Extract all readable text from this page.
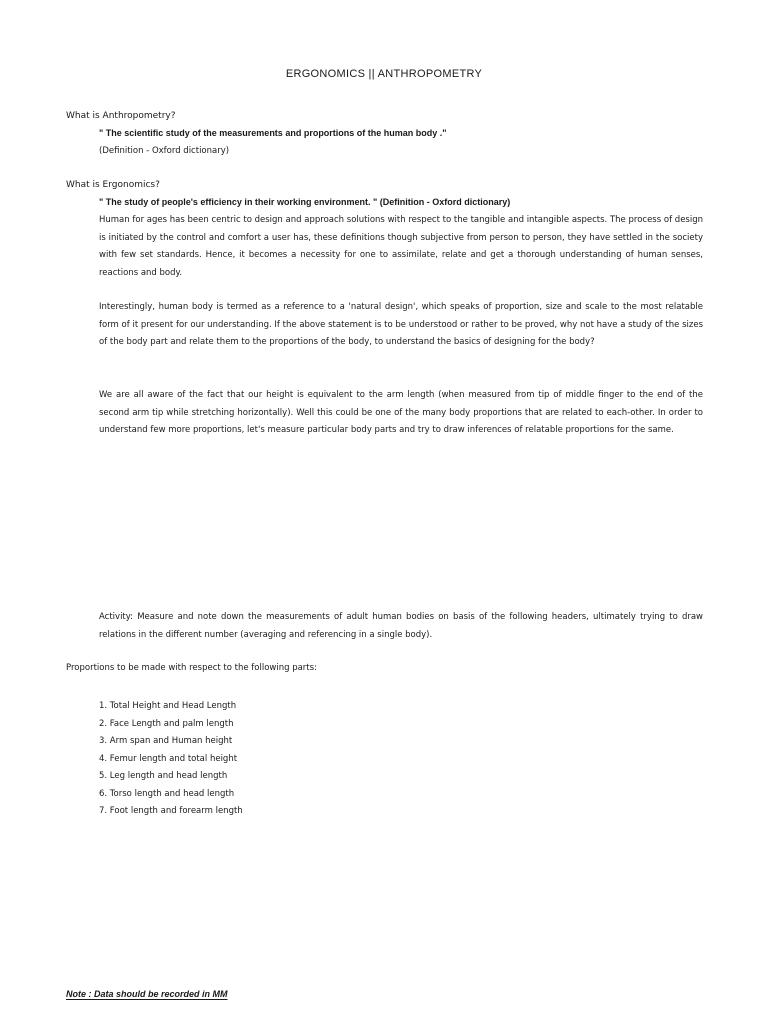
ERGONOMICS || ANTHROPOMETRY
What is Anthropometry?
" The scientific study of the measurements and proportions of the human body ."
(Definition - Oxford dictionary)
What is Ergonomics?
" The study of people's efficiency in their working environment. " (Definition - Oxford dictionary)

Human for ages has been centric to design and approach solutions with respect to the tangible and intangible aspects. The process of design is initiated by the control and comfort a user has, these definitions though subjective from person to person, they have settled in the society with few set standards. Hence, it becomes a necessity for one to assimilate, relate and get a thorough understanding of human senses, reactions and body.

Interestingly, human body is termed as a reference to a 'natural design', which speaks of proportion, size and scale to the most relatable form of it present for our understanding. If the above statement is to be understood or rather to be proved, why not have a study of the sizes of the body part and relate them to the proportions of the body, to understand the basics of designing for the body?

We are all aware of the fact that our height is equivalent to the arm length (when measured from tip of middle finger to the end of the second arm tip while stretching horizontally). Well this could be one of the many body proportions that are related to each-other. In order to understand few more proportions, let's measure particular body parts and try to draw inferences of relatable proportions for the same.

Activity: Measure and note down the measurements of adult human bodies on basis of the following headers, ultimately trying to draw relations in the different number (averaging and referencing in a single body).

Proportions to be made with respect to the following parts:
1. Total Height and Head Length
2. Face Length and palm length
3. Arm span and Human height
4. Femur length and total height
5. Leg length and head length
6. Torso length and head length
7. Foot length and forearm length
Note : Data should be recorded in MM
